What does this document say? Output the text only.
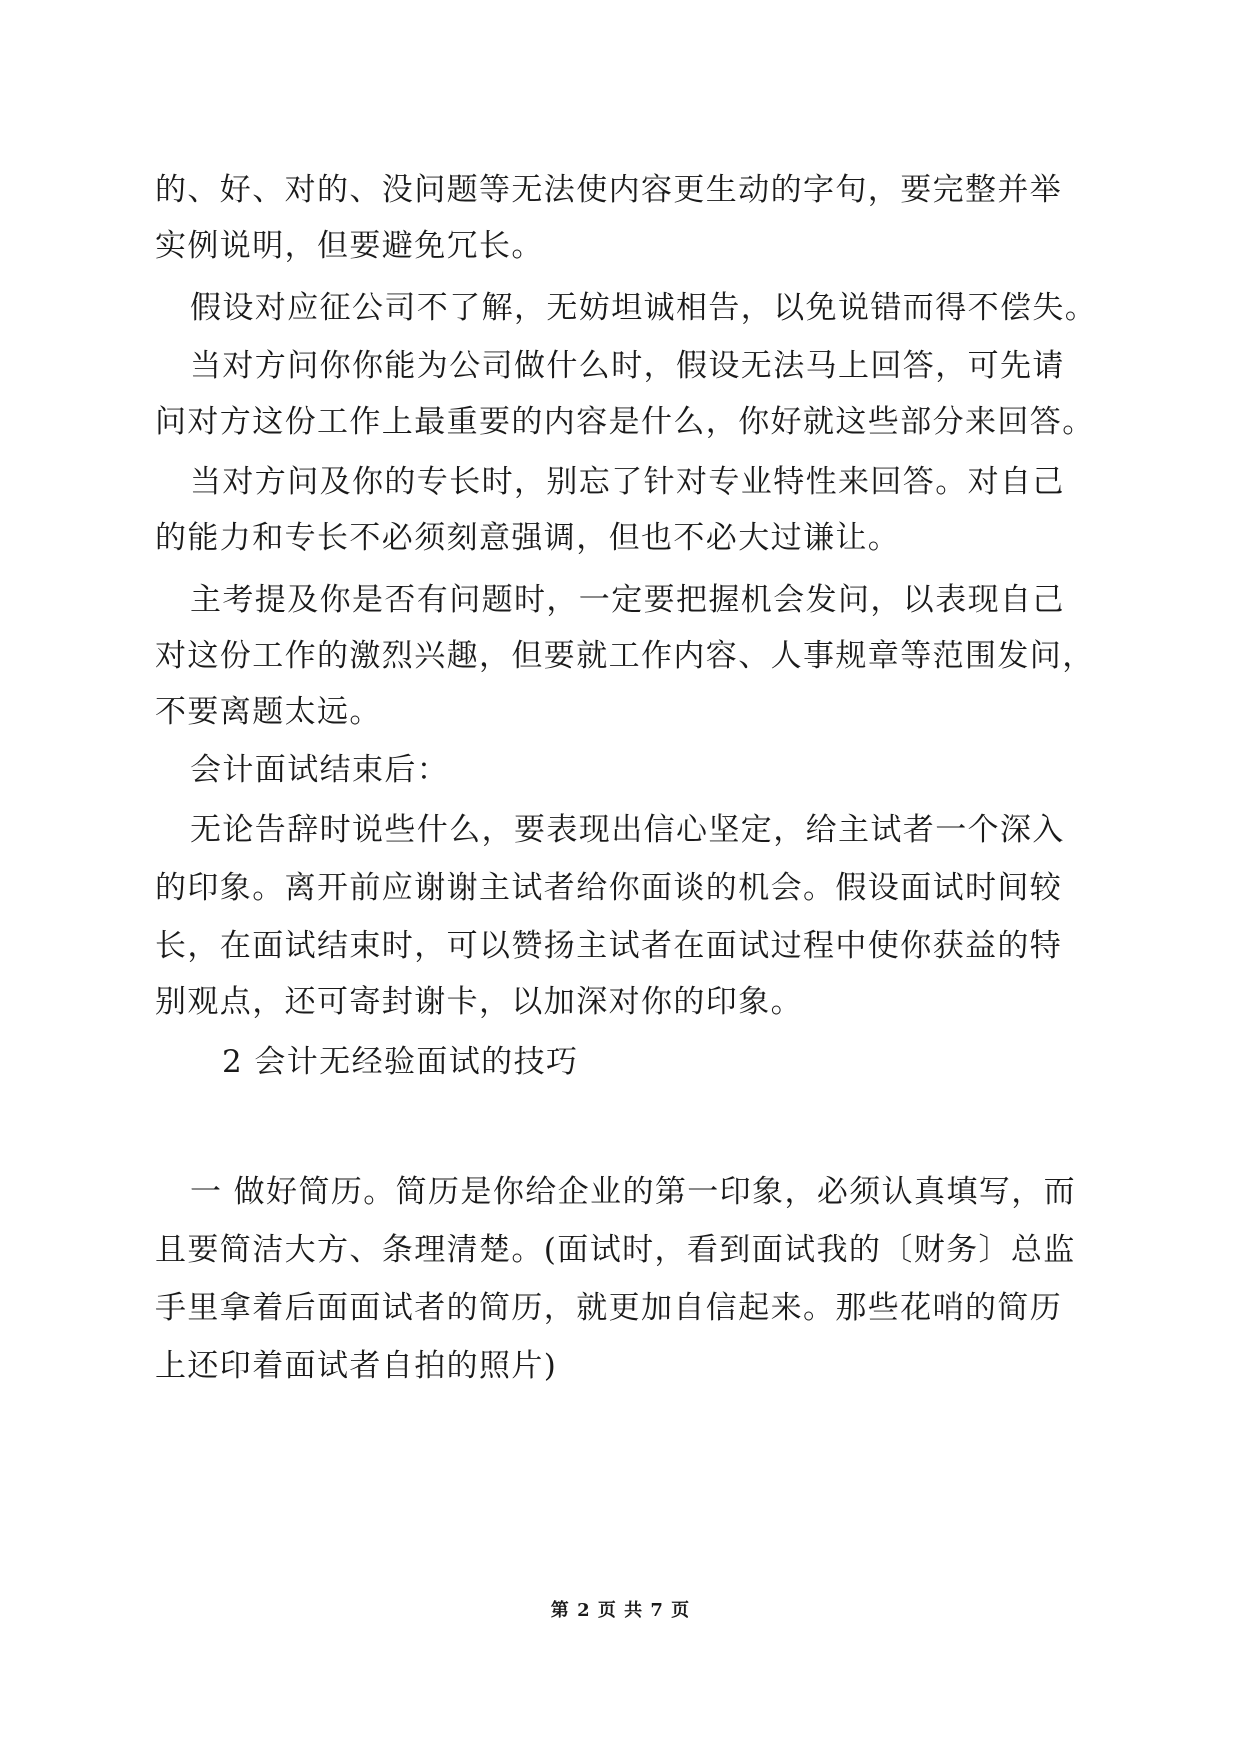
的、好、对的、没问题等无法使内容更生动的字句，要完整并举
实例说明，但要避免冗长。
假设对应征公司不了解，无妨坦诚相告，以免说错而得不偿失。
当对方问你你能为公司做什么时，假设无法马上回答，可先请
问对方这份工作上最重要的内容是什么，你好就这些部分来回答。
当对方问及你的专长时，别忘了针对专业特性来回答。对自己
的能力和专长不必须刻意强调，但也不必大过谦让。
主考提及你是否有问题时，一定要把握机会发问，以表现自己
对这份工作的激烈兴趣，但要就工作内容、人事规章等范围发问，
不要离题太远。
会计面试结束后：
无论告辞时说些什么，要表现出信心坚定，给主试者一个深入
的印象。离开前应谢谢主试者给你面谈的机会。假设面试时间较
长，在面试结束时，可以赞扬主试者在面试过程中使你获益的特
别观点，还可寄封谢卡，以加深对你的印象。
2 会计无经验面试的技巧
一 做好简历。简历是你给企业的第一印象，必须认真填写，而
且要简洁大方、条理清楚。(面试时，看到面试我的〔财务〕总监
手里拿着后面面试者的简历，就更加自信起来。那些花哨的简历
上还印着面试者自拍的照片)
第 2 页 共 7 页
